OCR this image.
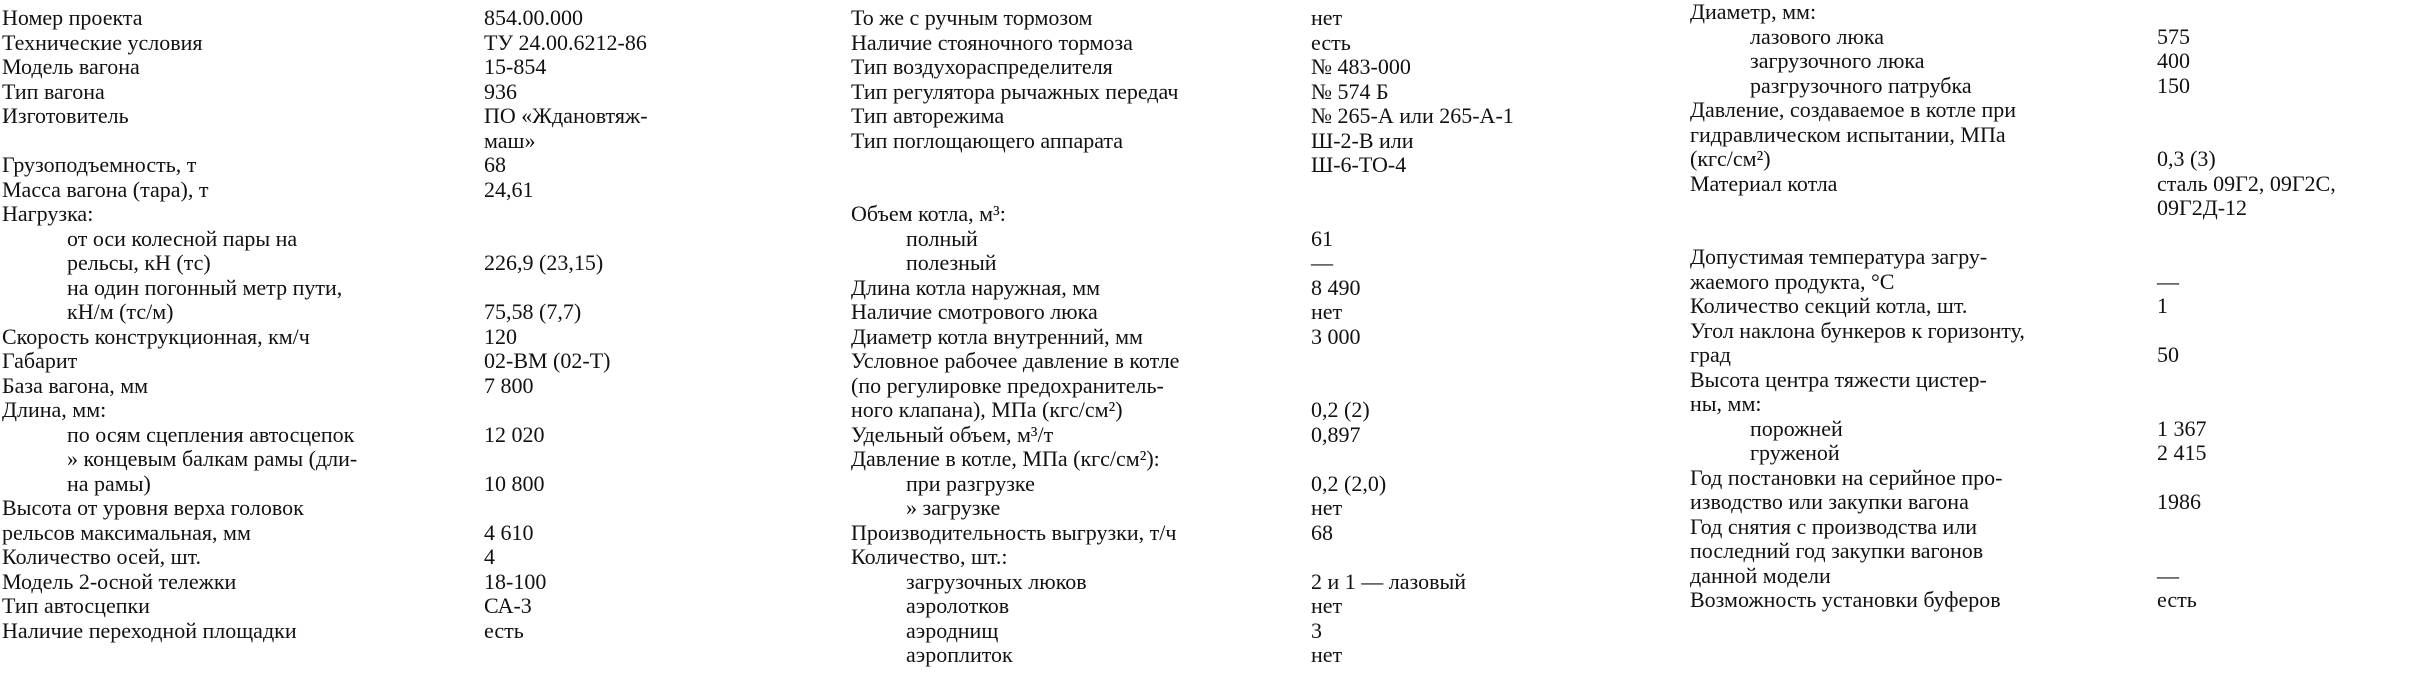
Номер проекта	854.00.000
Технические условия	ТУ 24.00.6212-86
Модель вагона	15-854
Тип вагона	936
Изготовитель	ПО «Ждановтяж-
маш»
Грузоподъемность, т	68
Масса вагона (тара), т	24,61
Нагрузка:
от оси колесной пары на
рельсы, кН (тс)	226,9 (23,15)
на один погонный метр пути,
кН/м (тс/м)	75,58 (7,7)
Скорость конструкционная, км/ч	120
Габарит	02-ВМ (02-Т)
База вагона, мм	7 800
Длина, мм:
по осям сцепления автосцепок	12 020
» концевым балкам рамы (дли-
на рамы)	10 800
Высота от уровня верха головок
рельсов максимальная, мм	4 610
Количество осей, шт.	4
Модель 2-осной тележки	18-100
Тип автосцепки	СА-3
Наличие переходной площадки	есть
То же с ручным тормозом	нет
Наличие стояночного тормоза	есть
Тип воздухораспределителя	№ 483-000
Тип регулятора рычажных передач	№ 574 Б
Тип авторежима	№ 265-А или 265-А-1
Тип поглощающего аппарата	Ш-2-В или
Ш-6-ТО-4
Объем котла, м³:
полный	61
полезный	—
Длина котла наружная, мм	8 490
Наличие смотрового люка	нет
Диаметр котла внутренний, мм	3 000
Условное рабочее давление в котле
(по регулировке предохранитель-
ного клапана), МПа (кгс/см²)	0,2 (2)
Удельный объем, м³/т	0,897
Давление в котле, МПа (кгс/см²):
при разгрузке	0,2 (2,0)
» загрузке	нет
Производительность выгрузки, т/ч	68
Количество, шт.:
загрузочных люков	2 и 1 — лазовый
аэролотков	нет
аэроднищ	3
аэроплиток	нет
Диаметр, мм:
лазового люка	575
загрузочного люка	400
разгрузочного патрубка	150
Давление, создаваемое в котле при
гидравлическом испытании, МПа
(кгс/см²)	0,3 (3)
Материал котла	сталь 09Г2, 09Г2С,
09Г2Д-12
Допустимая температура загру-
жаемого продукта, °С	—
Количество секций котла, шт.	1
Угол наклона бункеров к горизонту,
град	50
Высота центра тяжести цистер-
ны, мм:
порожней	1 367
груженой	2 415
Год постановки на серийное про-
изводство или закупки вагона	1986
Год снятия с производства или
последний год закупки вагонов
данной модели	—
Возможность установки буферов	есть
